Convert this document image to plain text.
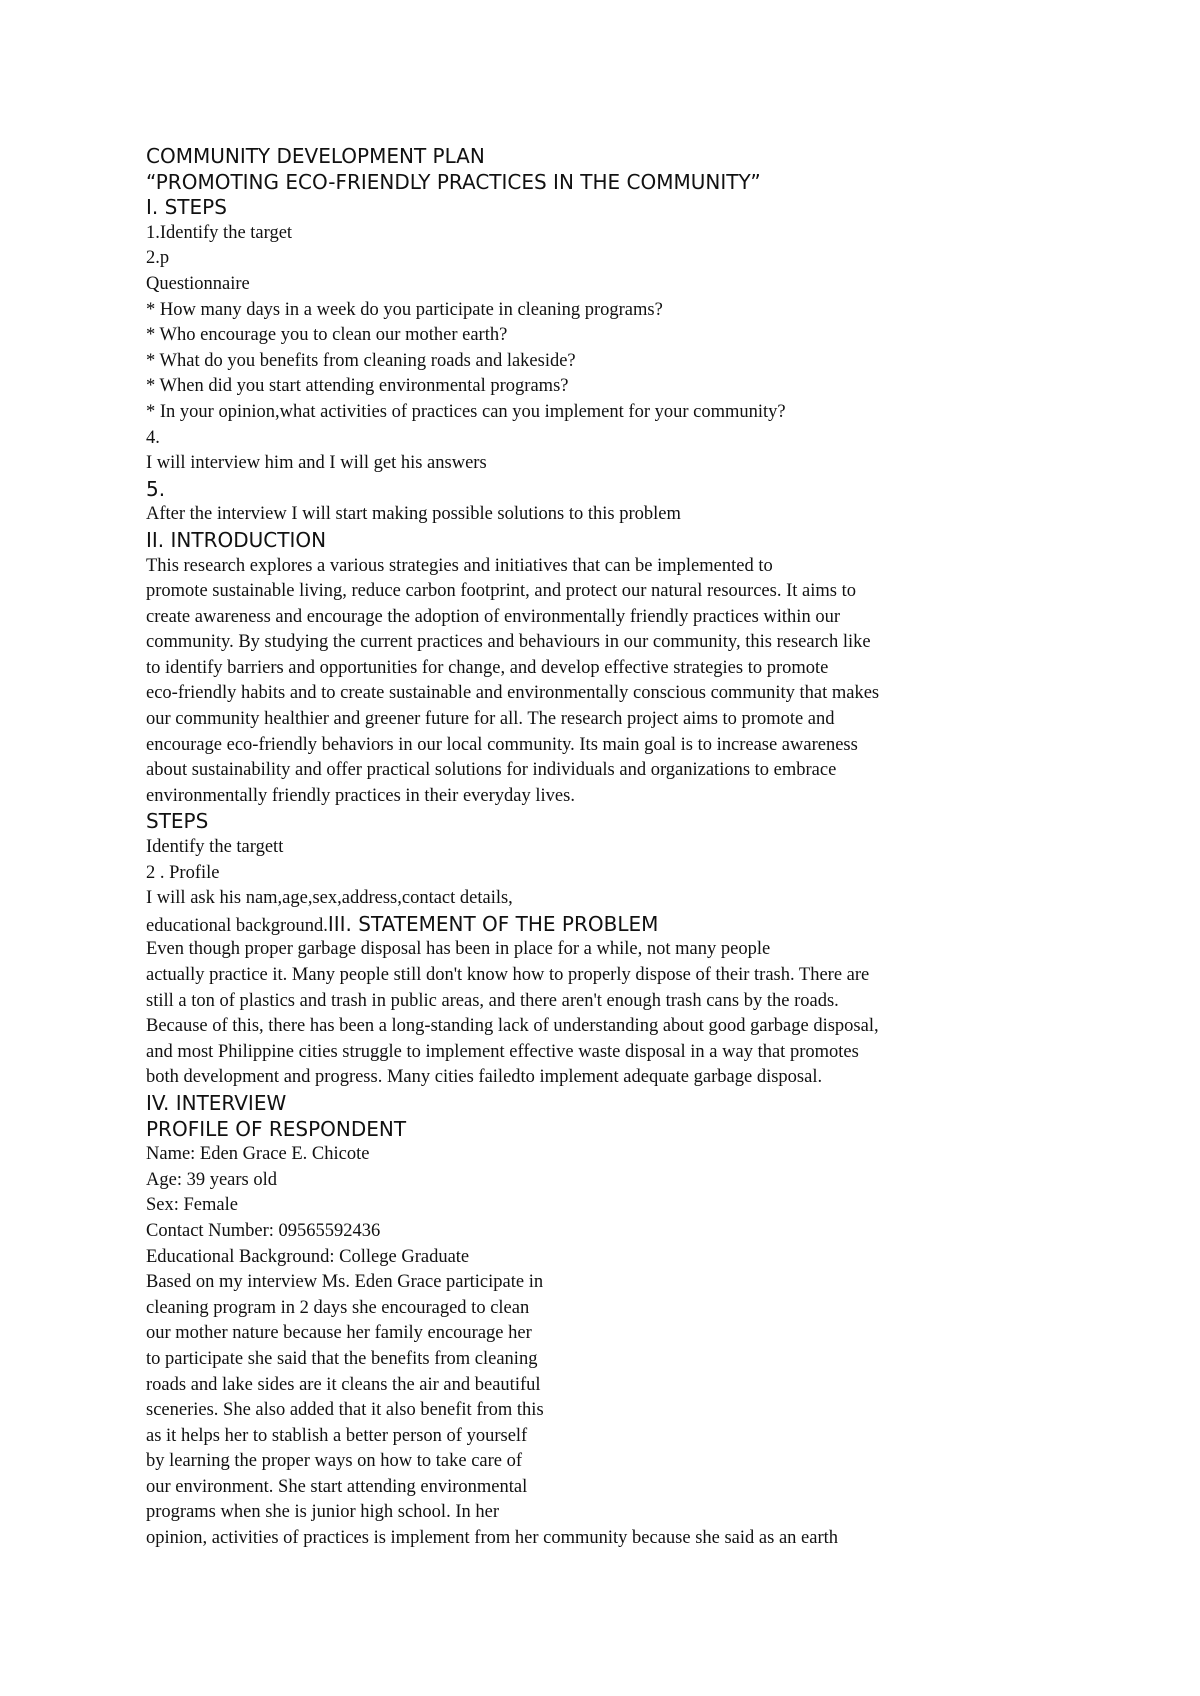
COMMUNITY DEVELOPMENT PLAN
“PROMOTING ECO-FRIENDLY PRACTICES IN THE COMMUNITY”
I. STEPS
1.Identify the target
2.p
Questionnaire
* How many days in a week do you participate in cleaning programs?
* Who encourage you to clean our mother earth?
* What do you benefits from cleaning roads and lakeside?
* When did you start attending environmental programs?
* In your opinion,what activities of practices can you implement for your community?
4.
I will interview him and I will get his answers
5.
After the interview I will start making possible solutions to this problem
II. INTRODUCTION
This research explores a various strategies and initiatives that can be implemented to
promote sustainable living, reduce carbon footprint, and protect our natural resources. It aims to
create awareness and encourage the adoption of environmentally friendly practices within our
community. By studying the current practices and behaviours in our community, this research like
to identify barriers and opportunities for change, and develop effective strategies to promote
eco-friendly habits and to create sustainable and environmentally conscious community that makes
our community healthier and greener future for all. The research project aims to promote and
encourage eco-friendly behaviors in our local community. Its main goal is to increase awareness
about sustainability and offer practical solutions for individuals and organizations to embrace
environmentally friendly practices in their everyday lives.
STEPS
Identify the targett
2 . Profile
I will ask his nam,age,sex,address,contact details,
educational background.III. STATEMENT OF THE PROBLEM
Even though proper garbage disposal has been in place for a while, not many people
actually practice it. Many people still don't know how to properly dispose of their trash. There are
still a ton of plastics and trash in public areas, and there aren't enough trash cans by the roads.
Because of this, there has been a long-standing lack of understanding about good garbage disposal,
and most Philippine cities struggle to implement effective waste disposal in a way that promotes
both development and progress. Many cities failedto implement adequate garbage disposal.
IV. INTERVIEW
PROFILE OF RESPONDENT
Name: Eden Grace E. Chicote
Age: 39 years old
Sex: Female
Contact Number: 09565592436
Educational Background: College Graduate
Based on my interview Ms. Eden Grace participate in
cleaning program in 2 days she encouraged to clean
our mother nature because her family encourage her
to participate she said that the benefits from cleaning
roads and lake sides are it cleans the air and beautiful
sceneries. She also added that it also benefit from this
as it helps her to stablish a better person of yourself
by learning the proper ways on how to take care of
our environment. She start attending environmental
programs when she is junior high school. In her
opinion, activities of practices is implement from her community because she said as an earth
